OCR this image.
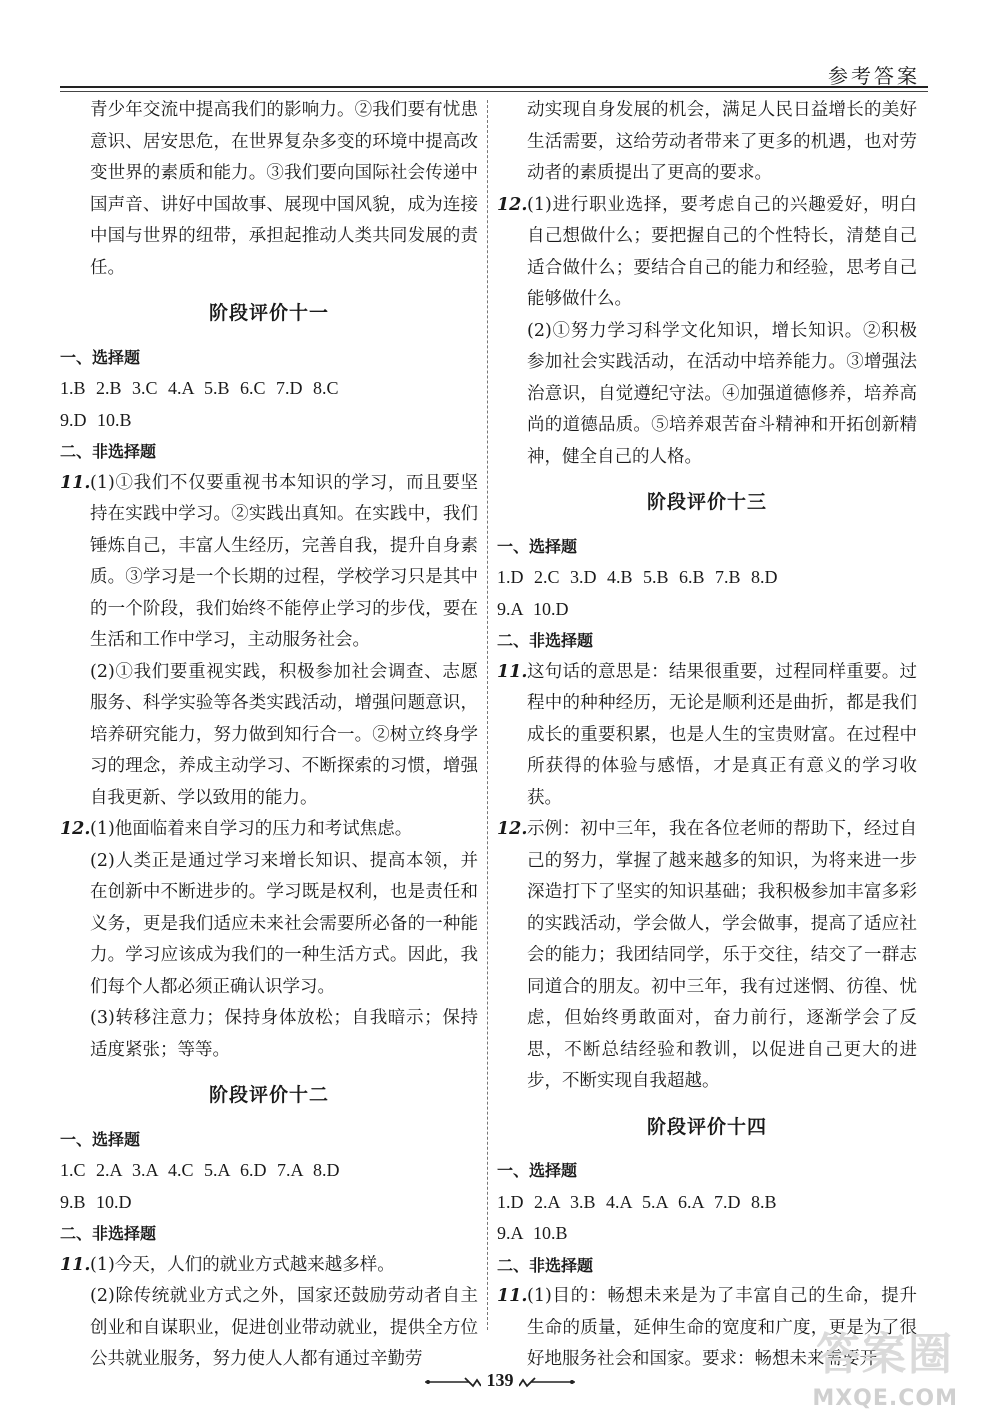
参考答案
青少年交流中提高我们的影响力。②我们要有忧患意识、居安思危，在世界复杂多变的环境中提高改变世界的素质和能力。③我们要向国际社会传递中国声音、讲好中国故事、展现中国风貌，成为连接中国与世界的纽带，承担起推动人类共同发展的责任。
阶段评价十一
一、选择题
1.B 2.B 3.C 4.A 5.B 6.C 7.D 8.C
9.D 10.B
二、非选择题
11. (1)①我们不仅要重视书本知识的学习，而且要坚持在实践中学习。②实践出真知。在实践中，我们锤炼自己，丰富人生经历，完善自我，提升自身素质。③学习是一个长期的过程，学校学习只是其中的一个阶段，我们始终不能停止学习的步伐，要在生活和工作中学习，主动服务社会。
(2)①我们要重视实践，积极参加社会调查、志愿服务、科学实验等各类实践活动，增强问题意识，培养研究能力，努力做到知行合一。②树立终身学习的理念，养成主动学习、不断探索的习惯，增强自我更新、学以致用的能力。
12. (1)他面临着来自学习的压力和考试焦虑。
(2)人类正是通过学习来增长知识、提高本领，并在创新中不断进步的。学习既是权利，也是责任和义务，更是我们适应未来社会需要所必备的一种能力。学习应该成为我们的一种生活方式。因此，我们每个人都必须正确认识学习。
(3)转移注意力；保持身体放松；自我暗示；保持适度紧张；等等。
阶段评价十二
一、选择题
1.C 2.A 3.A 4.C 5.A 6.D 7.A 8.D
9.B 10.D
二、非选择题
11. (1)今天，人们的就业方式越来越多样。
(2)除传统就业方式之外，国家还鼓励劳动者自主创业和自谋职业，促进创业带动就业，提供全方位公共就业服务，努力使人人都有通过辛勤劳
动实现自身发展的机会，满足人民日益增长的美好生活需要，这给劳动者带来了更多的机遇，也对劳动者的素质提出了更高的要求。
12. (1)进行职业选择，要考虑自己的兴趣爱好，明白自己想做什么；要把握自己的个性特长，清楚自己适合做什么；要结合自己的能力和经验，思考自己能够做什么。
(2)①努力学习科学文化知识，增长知识。②积极参加社会实践活动，在活动中培养能力。③增强法治意识，自觉遵纪守法。④加强道德修养，培养高尚的道德品质。⑤培养艰苦奋斗精神和开拓创新精神，健全自己的人格。
阶段评价十三
一、选择题
1.D 2.C 3.D 4.B 5.B 6.B 7.B 8.D
9.A 10.D
二、非选择题
11. 这句话的意思是：结果很重要，过程同样重要。过程中的种种经历，无论是顺利还是曲折，都是我们成长的重要积累，也是人生的宝贵财富。在过程中所获得的体验与感悟，才是真正有意义的学习收获。
12. 示例：初中三年，我在各位老师的帮助下，经过自己的努力，掌握了越来越多的知识，为将来进一步深造打下了坚实的知识基础；我积极参加丰富多彩的实践活动，学会做人，学会做事，提高了适应社会的能力；我团结同学，乐于交往，结交了一群志同道合的朋友。初中三年，我有过迷惘、彷徨、忧虑，但始终勇敢面对，奋力前行，逐渐学会了反思，不断总结经验和教训，以促进自己更大的进步，不断实现自我超越。
阶段评价十四
一、选择题
1.D 2.A 3.B 4.A 5.A 6.A 7.D 8.B
9.A 10.B
二、非选择题
11. (1)目的：畅想未来是为了丰富自己的生命，提升生命的质量，延伸生命的宽度和广度，更是为了很好地服务社会和国家。要求：畅想未来需要开
139	答案圈
MXQE.COM
